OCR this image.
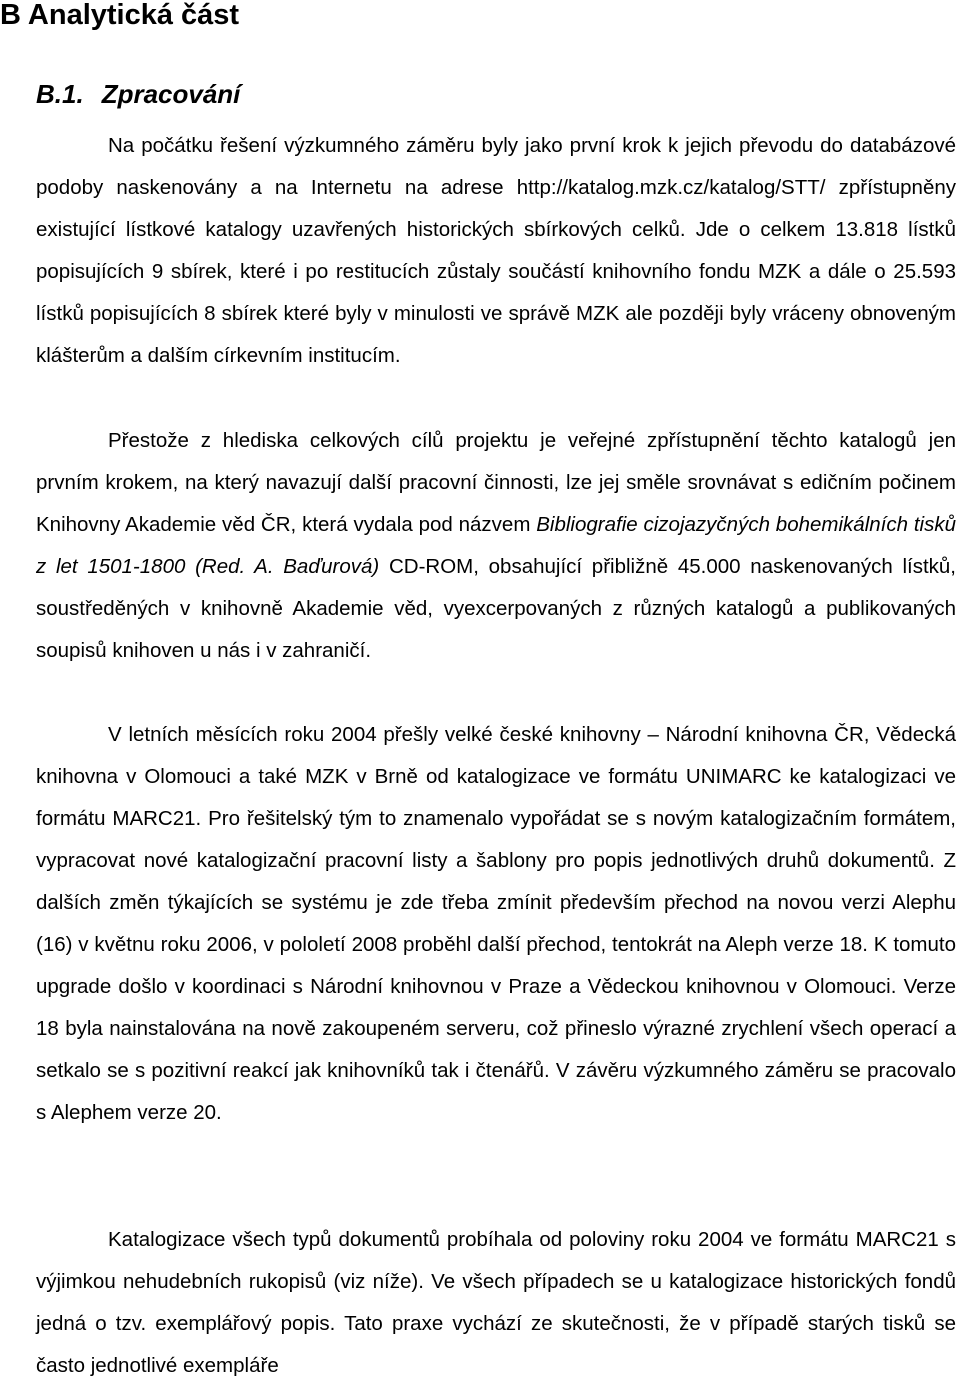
B Analytická část
B.1. Zpracování

Na počátku řešení výzkumného záměru byly jako první krok k jejich převodu do databázové podoby naskenovány a na Internetu na adrese http://katalog.mzk.cz/katalog/STT/ zpřístupněny existující lístkové katalogy uzavřených historických sbírkových celků. Jde o celkem 13.818 lístků popisujících 9 sbírek, které i po restitucích zůstaly součástí knihovního fondu MZK a dále o 25.593 lístků popisujících 8 sbírek které byly v minulosti ve správě MZK ale později byly vráceny obnoveným klášterům a dalším církevním institucím.

Přestože z hlediska celkových cílů projektu je veřejné zpřístupnění těchto katalogů jen prvním krokem, na který navazují další pracovní činnosti, lze jej směle srovnávat s edičním počinem Knihovny Akademie věd ČR, která vydala pod názvem Bibliografie cizojazyčných bohemikálních tisků z let 1501-1800 (Red. A. Baďurová) CD-ROM, obsahující přibližně 45.000 naskenovaných lístků, soustředěných v knihovně Akademie věd, vyexcerpovaných z různých katalogů a publikovaných soupisů knihoven u nás i v zahraničí.

V letních měsících roku 2004 přešly velké české knihovny – Národní knihovna ČR, Vědecká knihovna v Olomouci a také MZK v Brně od katalogizace ve formátu UNIMARC ke katalogizaci ve formátu MARC21. Pro řešitelský tým to znamenalo vypořádat se s novým katalogizačním formátem, vypracovat nové katalogizační pracovní listy a šablony pro popis jednotlivých druhů dokumentů. Z dalších změn týkajících se systému je zde třeba zmínit především přechod na novou verzi Alephu (16) v květnu roku 2006, v pololetí 2008 proběhl další přechod, tentokrát na Aleph verze 18. K tomuto upgrade došlo v koordinaci s Národní knihovnou v Praze a Vědeckou knihovnou v Olomouci. Verze 18 byla nainstalována na nově zakoupeném serveru, což přineslo výrazné zrychlení všech operací a setkalo se s pozitivní reakcí jak knihovníků tak i čtenářů. V závěru výzkumného záměru se pracovalo s Alephem verze 20.

Katalogizace všech typů dokumentů probíhala od poloviny roku 2004 ve formátu MARC21 s výjimkou nehudebních rukopisů (viz níže). Ve všech případech se u katalogizace historických fondů jedná o tzv. exemplářový popis. Tato praxe vychází ze skutečnosti, že v případě starých tisků se často jednotlivé exempláře
